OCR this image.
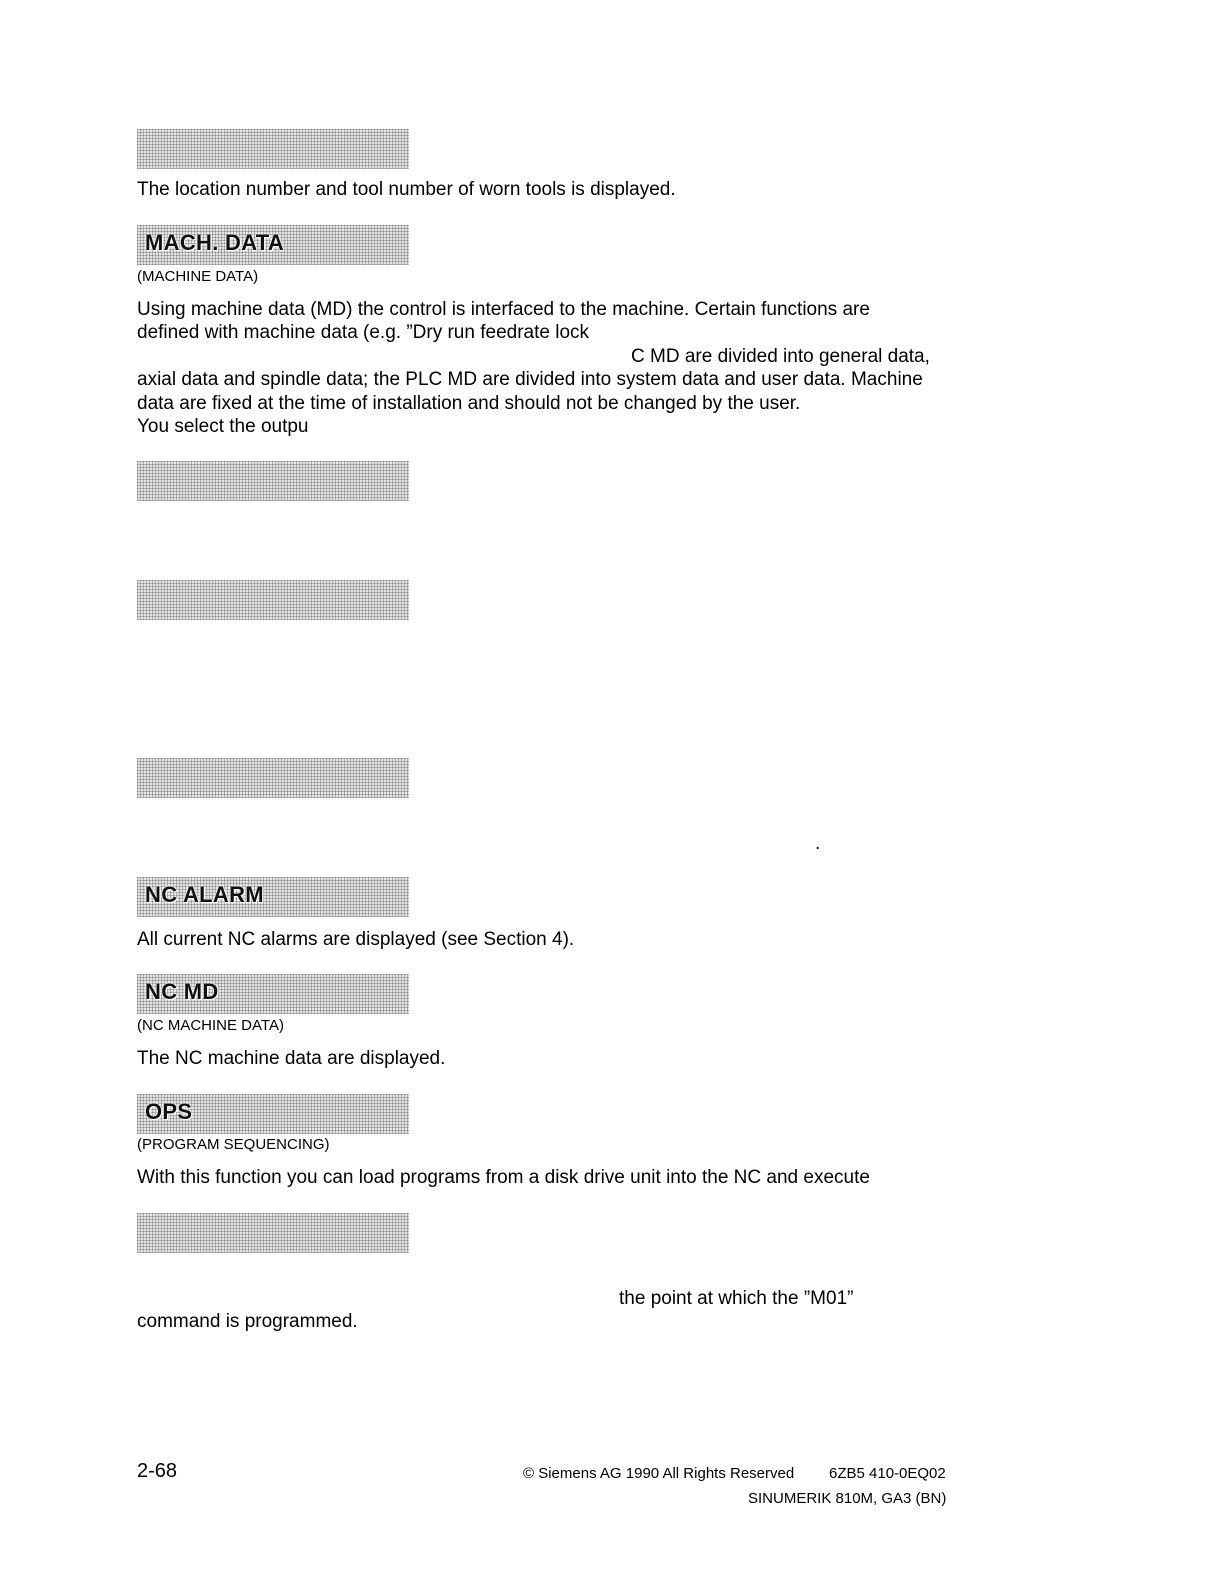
The location number and tool number of worn tools is displayed.
MACH. DATA
(MACHINE DATA)
Using machine data (MD) the control is interfaced to the machine. Certain functions are
defined with machine data (e.g. ”Dry run feedrate lock
C MD are divided into general data,
axial data and spindle data; the PLC MD are divided into system data and user data. Machine
data are fixed at the time of installation and should not be changed by the user.
You select the outpu
.
NC ALARM
All current NC alarms are displayed (see Section 4).
NC MD
(NC MACHINE DATA)
The NC machine data are displayed.
OPS
(PROGRAM SEQUENCING)
With this function you can load programs from a disk drive unit into the NC and execute
the point at which the ”M01”
command is programmed.
2-68	© Siemens AG 1990 All Rights Reserved 6ZB5 410-0EQ02
SINUMERIK 810M, GA3 (BN)
